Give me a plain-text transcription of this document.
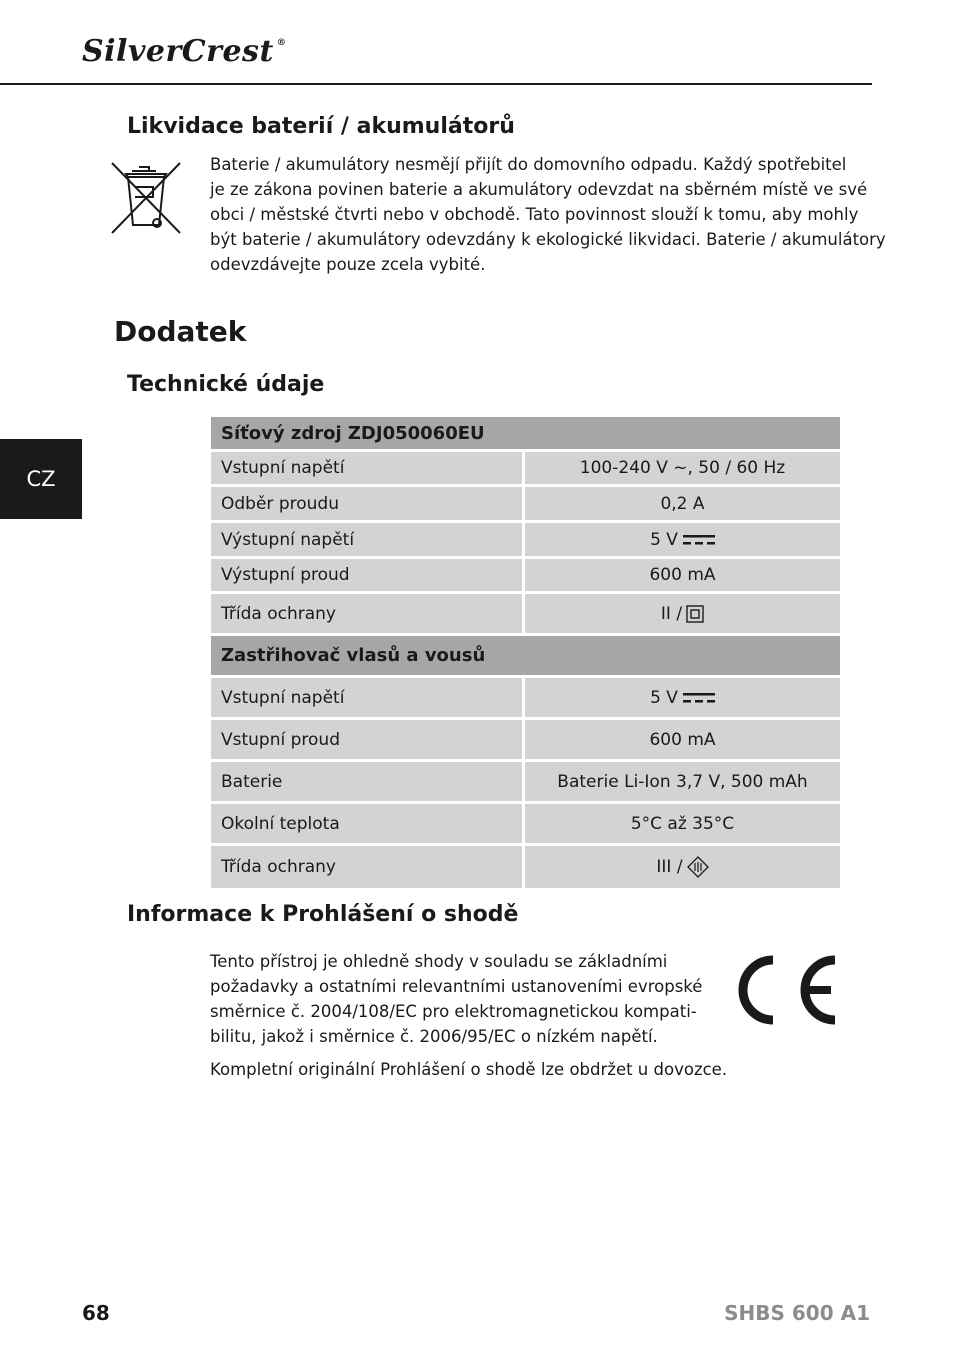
SilverCrest ®
CZ
Likvidace baterií / akumulátorů
Baterie / akumulátory nesmějí přijít do domovního odpadu. Každý spotřebitel
je ze zákona povinen baterie a akumulátory odevzdat na sběrném místě ve své
obci / městské čtvrti nebo v obchodě. Tato povinnost slouží k tomu, aby mohly
být baterie / akumulátory odevzdány k ekologické likvidaci. Baterie / akumulátory
odevzdávejte pouze zcela vybité.
Dodatek
Technické údaje
Síťový zdroj ZDJ050060EU
Vstupní napětí	100-240 V ~, 50 / 60 Hz
Odběr proudu	0,2 A
Výstupní napětí	5 V
Výstupní proud	600 mA
Třída ochrany	II /
Zastřihovač vlasů a vousů
Vstupní napětí	5 V
Vstupní proud	600 mA
Baterie	Baterie Li-Ion 3,7 V, 500 mAh
Okolní teplota	5°C až 35°C
Třída ochrany	III /
Informace k Prohlášení o shodě
Tento přístroj je ohledně shody v souladu se základními
požadavky a ostatními relevantními ustanoveními evropské
směrnice č. 2004/108/EC pro elektromagnetickou kompati-
bilitu, jakož i směrnice č. 2006/95/EC o nízkém napětí.
Kompletní originální Prohlášení o shodě lze obdržet u dovozce.
68	SHBS 600 A1
